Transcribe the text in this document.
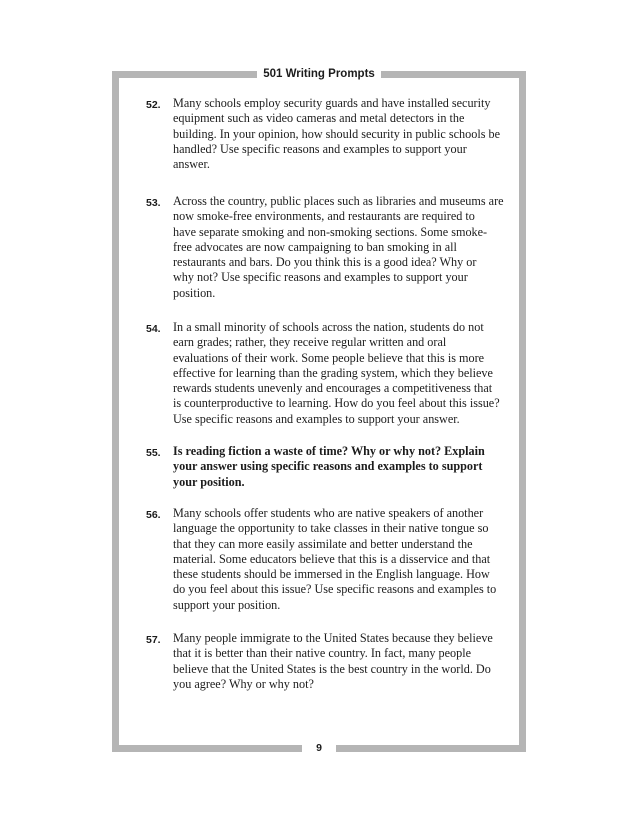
501 Writing Prompts
52. Many schools employ security guards and have installed security
equipment such as video cameras and metal detectors in the
building. In your opinion, how should security in public schools be
handled? Use specific reasons and examples to support your
answer.
53. Across the country, public places such as libraries and museums are
now smoke-free environments, and restaurants are required to
have separate smoking and non-smoking sections. Some smoke-
free advocates are now campaigning to ban smoking in all
restaurants and bars. Do you think this is a good idea? Why or
why not? Use specific reasons and examples to support your
position.
54. In a small minority of schools across the nation, students do not
earn grades; rather, they receive regular written and oral
evaluations of their work. Some people believe that this is more
effective for learning than the grading system, which they believe
rewards students unevenly and encourages a competitiveness that
is counterproductive to learning. How do you feel about this issue?
Use specific reasons and examples to support your answer.
55. Is reading fiction a waste of time? Why or why not? Explain
your answer using specific reasons and examples to support
your position.
56. Many schools offer students who are native speakers of another
language the opportunity to take classes in their native tongue so
that they can more easily assimilate and better understand the
material. Some educators believe that this is a disservice and that
these students should be immersed in the English language. How
do you feel about this issue? Use specific reasons and examples to
support your position.
57. Many people immigrate to the United States because they believe
that it is better than their native country. In fact, many people
believe that the United States is the best country in the world. Do
you agree? Why or why not?
9
